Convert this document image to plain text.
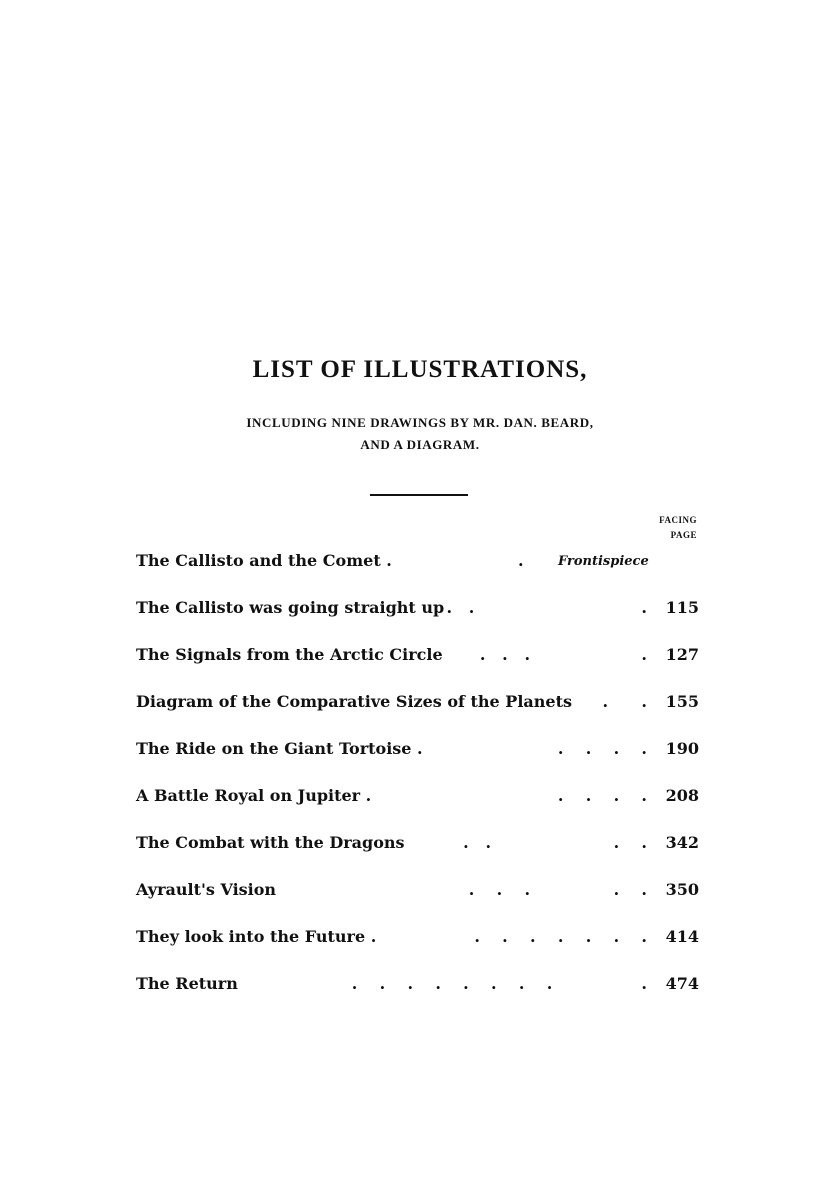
LIST OF ILLUSTRATIONS,
INCLUDING NINE DRAWINGS BY MR. DAN. BEARD,
AND A DIAGRAM.
FACING
PAGE
The Callisto and the Comet .	.	Frontispiece
The Callisto was going straight up .   .                              .	115
The Signals from the Arctic Circle	.   .   .                    .	127
Diagram of the Comparative Sizes of the Planets	.      .	155
The Ride on the Giant Tortoise .	.    .    .    .	190
A Battle Royal on Jupiter .	.    .    .    .	208
The Combat with the Dragons	.   .                      .    .	342
Ayrault's Vision	.    .    .               .    .	350
They look into the Future .	.    .    .    .    .    .    .	414
The Return	.    .    .    .    .    .    .    .                .	474
